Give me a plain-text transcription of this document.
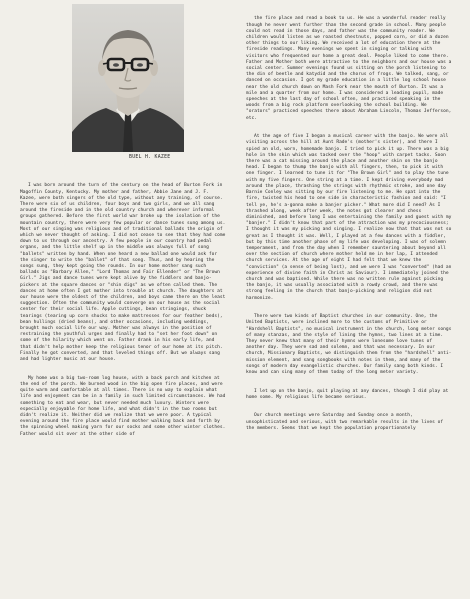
BUEL H. KAZEE

I was born around the turn of the century on the head of Burton Fork in Magoffin County, Kentucky. My mother and father, Abbie Jane and J. F. Kazee, were both singers of the old type, without any training, of course. There were six of us children, four boys and two girls, and we all sang around the fireside and in the old country church and wherever informal groups gathered. Before the first world war broke up the isolation of the mountain country, there were very few popular or dance tunes sung among us. Most of our singing was religious and of traditional ballads the origin of which we never thought of asking. I did not cease to see that they had come down to us through our ancestry. A few people in our country had pedal organs, and the little shelf up in the middle was always full of song "ballets" written by hand. When one heard a new ballad one would ask for the singer to write the "ballet" of that song. Thus, and by hearing the songs sung, they kept going the rounds. In our home mother sang such ballads as "Barbary Allen," "Lord Thomas and Fair Ellender" or "The Brown Girl." Jigs and dance tunes were kept alive by the fiddlers and banjo-pickers at the square dances or "shin digs" as we often called them. The dances at home often I got mother into trouble at church. The daughters at our house were the oldest of the children, and boys came there on the least suggestion. Often the community would converge on our house as the social center for their social life. Apple cuttings, bean stringings, shuck tearings (tearing up corn shucks to make mattresses for our feather beds), bean hullings (dried beans), and other occasions, including weddings, brought much social life our way. Mother was always in the position of restraining the youthful urges and finally had to "set her foot down" on some of the hilarity which went on. Father drank in his early life, and that didn't help mother keep the religious tenor of our home at its pitch. Finally he got converted, and that leveled things off. But we always sang and had lighter music at our house.

My home was a big two-room log house, with a back porch and kitchen at the end of the porch. We burned wood in the big open fire places, and were quite warm and comfortable at all times. There is no way to explain what life and enjoyment can be in a family in such limited circumstances. We had something to eat and wear, but never needed much luxury. Winters were especially enjoyable for home life, and what didn't in the two rooms but didn't realize it. Neither did we realize that we were poor. A typical evening around the fire place would find mother walking back and forth by the spinning wheel making yarn for our socks and some other winter clothes. Father would sit over at the other side of

the fire place and read a book to us. He was a wonderful reader really though he never went further than the second grade in school. Many people could not read in those days, and father was the community reader. We children would listen as we roasted chestnuts, popped corn, or did a dozen other things to our liking. We received a lot of education there at the fireside readings. Many evenings we spent in singing or talking with visitors who frequented our home a great deal. People liked to come there. Father and Mother both were attractive to the neighbors and our house was a social center. Summer evenings found us sitting on the porch listening to the din of beetle and katydid and the chorus of frogs. We talked, sang, or danced on occasion. I got my grade education in a little log school house near the old church down on Mash Fork near the mouth of Burton. It was a mile and a quarter from our home. I was considered a leading pupil, made speeches at the last day of school often, and practiced speaking in the woods from a big rock platform overlooking the school building. We "orators" practiced speeches there about Abraham Lincoln, Thomas Jefferson, etc.

At the age of five I began a musical career with the banjo. We were all visiting across the hill at Aunt Rade's (mother's sister), and there I spied an old, worn, homemade banjo. I tried to pick it up. There was a big hole in the skin which was tacked over the "hoop" with carpet tacks. Soon there was a cat missing around the place and another skin on the banjo head. I began to thump the banjo with all fingers, then, to pick it with one finger. I learned to tune it for "The Brown Girl" and to play the tune with my five fingers. One string at a time. I kept driving everybody mad around the place, thrashing the strings with rhythmic stroke, and one day Barnie Conley was sitting by our fire listening to me. He spat into the fire, twisted his head to one side in characteristic fashion and said: "I tell ye, he's a-gonna make a banjer picker." What more did I need? As I thrashed along, week after week, the notes got clearer and chess diminished, and before long I was entertaining the family and guest with my "banjer." I didn't know that part of the attraction was my precociousness; I thought it was my picking and singing. I realize now that that was not so great as I thought it was. Well, I played at a few dances with a fiddler, but by this time another phase of my life was developing. I was of solemn temperament, and from the day when I remember sauntering about beyond all over the section of church where mother held me in her lap, I attended church services. At the age of eight I had felt that we knew the "conviction" (a sense of being lost), and we were I was "converted" (had an experience of divine faith in Christ as Saviour). I immediately joined the church and was baptised. While there was no written rule against picking the banjo, it was usually associated with a rowdy crowd, and there was strong feeling in the church that banjo-picking and religion did not harmonize.

There were two kinds of Baptist churches in our community. One, the United Baptists, were inclined more to the customs of Primitive or "Hardshell Baptists", no musical instrument in the church, long meter songs of many stanzas, and the style of lining the hymns, two lines at a time. They never knew that many of their hymns were lonesome love tunes of another day. They were sad and solemn, and that was necessary. In our church, Missionary Baptists, we distinguish them from the "hardshell" anti-mission element, and sang songbooks with notes in them, and many of the songs of modern day evangelistic churches. Our family sang both kinds. I know and can sing many of them today of the long meter variety.

I let up on the banjo, quit playing at any dances, though I did play at home some. My religious life became serious.

Our church meetings were Saturday and Sunday once a month, unsophisticated and serious, with two remarkable results in the lives of the members. Seems that we kept the population proportionately
